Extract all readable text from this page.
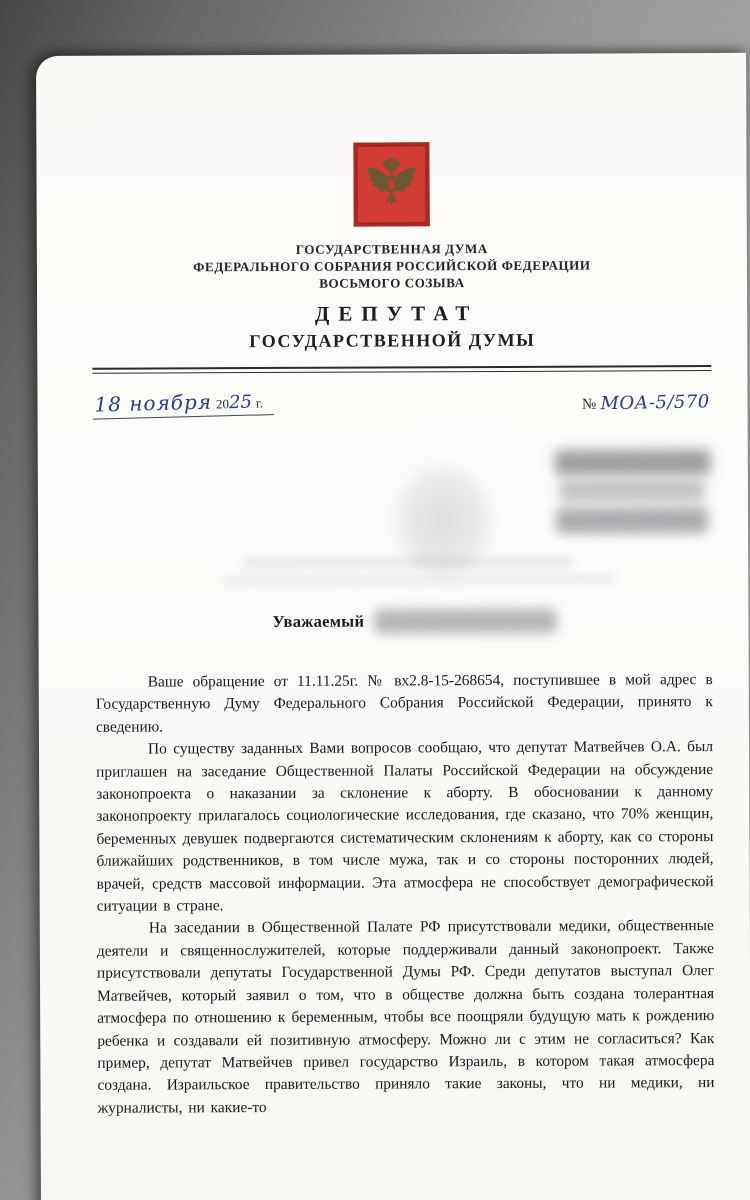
ГОСУДАРСТВЕННАЯ ДУМА
ФЕДЕРАЛЬНОГО СОБРАНИЯ РОССИЙСКОЙ ФЕДЕРАЦИИ
ВОСЬМОГО СОЗЫВА
ДЕПУТАТ
ГОСУДАРСТВЕННОЙ ДУМЫ
18 ноября 2025 г.	№ МОА-5/570
Уважаемый

Ваше обращение от 11.11.25г. № вх2.8-15-268654, поступившее в мой адрес в Государственную Думу Федерального Собрания Российской Федерации, принято к сведению.

По существу заданных Вами вопросов сообщаю, что депутат Матвейчев О.А. был приглашен на заседание Общественной Палаты Российской Федерации на обсуждение законопроекта о наказании за склонение к аборту. В обосновании к данному законопроекту прилагалось социологические исследования, где сказано, что 70% женщин, беременных девушек подвергаются систематическим склонениям к аборту, как со стороны ближайших родственников, в том числе мужа, так и со стороны посторонних людей, врачей, средств массовой информации. Эта атмосфера не способствует демографической ситуации в стране.

На заседании в Общественной Палате РФ присутствовали медики, общественные деятели и священнослужителей, которые поддерживали данный законопроект. Также присутствовали депутаты Государственной Думы РФ. Среди депутатов выступал Олег Матвейчев, который заявил о том, что в обществе должна быть создана толерантная атмосфера по отношению к беременным, чтобы все поощряли будущую мать к рождению ребенка и создавали ей позитивную атмосферу. Можно ли с этим не согласиться? Как пример, депутат Матвейчев привел государство Израиль, в котором такая атмосфера создана. Израильское правительство приняло такие законы, что ни медики, ни журналисты, ни какие-то
